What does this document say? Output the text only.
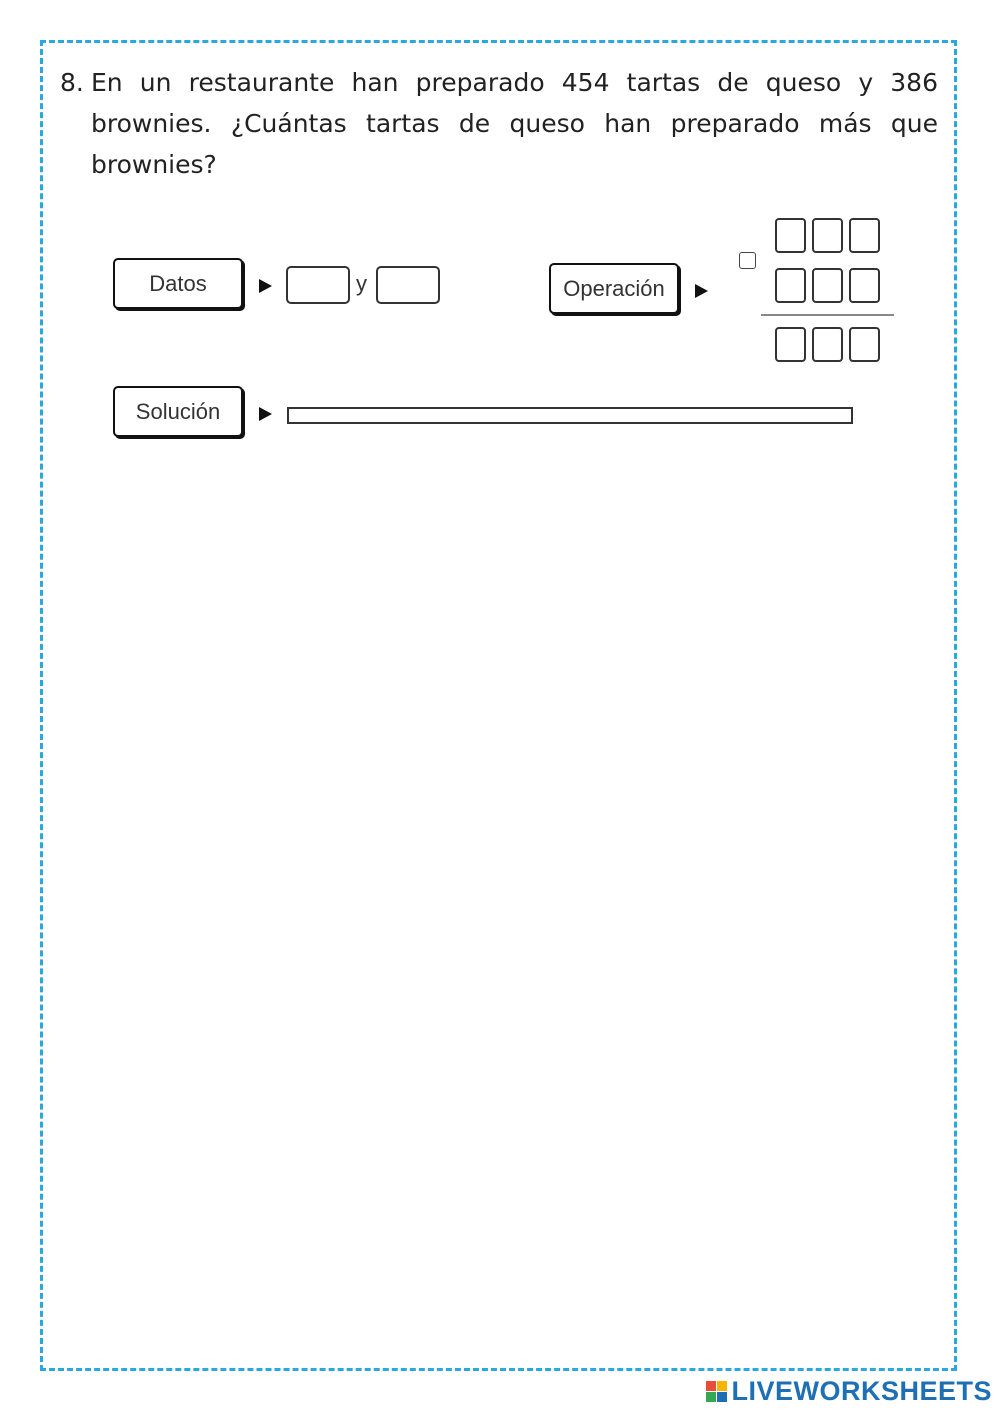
8. En un restaurante han preparado 454 tartas de queso y 386 brownies. ¿Cuántas tartas de queso han preparado más que brownies?
Datos	y	Operación
Solución
LIVEWORKSHEETS
